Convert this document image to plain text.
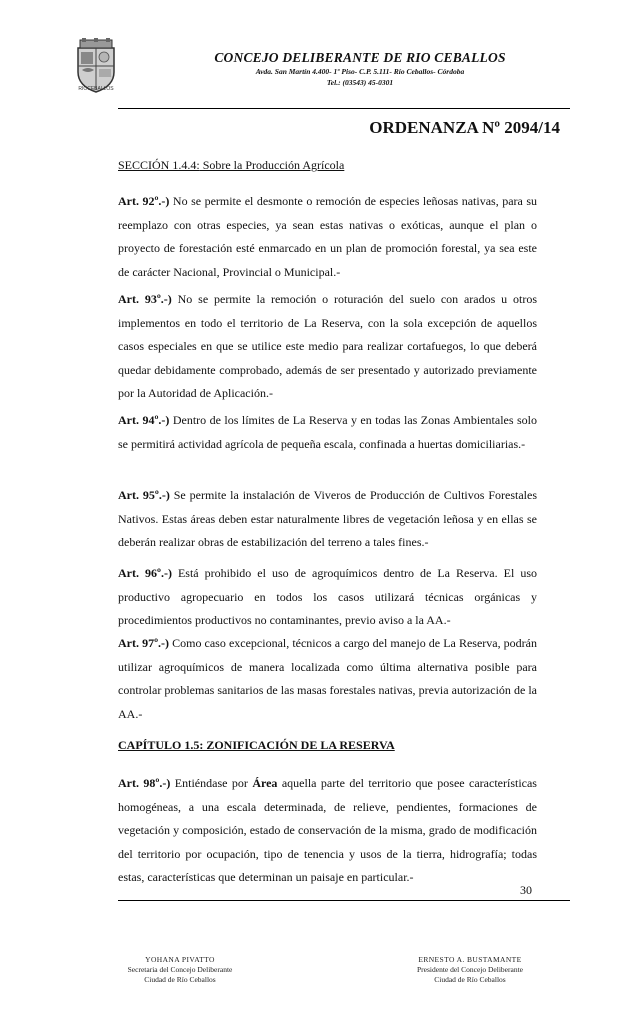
RIOCEBALLOS
CONCEJO DELIBERANTE DE RIO CEBALLOS
Avda. San Martín 4.400- 1º Piso- C.P. 5.111- Río Ceballos- Córdoba
Tel.: (03543) 45-0301
ORDENANZA Nº 2094/14
SECCIÓN 1.4.4: Sobre la Producción Agrícola

Art. 92º.-) No se permite el desmonte o remoción de especies leñosas nativas, para su reemplazo con otras especies, ya sean estas nativas o exóticas, aunque el plan o proyecto de forestación esté enmarcado en un plan de promoción forestal, ya sea este de carácter Nacional, Provincial o Municipal.-

Art. 93º.-) No se permite la remoción o roturación del suelo con arados u otros implementos en todo el territorio de La Reserva, con la sola excepción de aquellos casos especiales en que se utilice este medio para realizar cortafuegos, lo que deberá quedar debidamente comprobado, además de ser presentado y autorizado previamente por la Autoridad de Aplicación.-

Art. 94º.-) Dentro de los límites de La Reserva y en todas las Zonas Ambientales solo se permitirá actividad agrícola de pequeña escala, confinada a huertas domiciliarias.-

Art. 95º.-) Se permite la instalación de Viveros de Producción de Cultivos Forestales Nativos. Estas áreas deben estar naturalmente libres de vegetación leñosa y en ellas se deberán realizar obras de estabilización del terreno a tales fines.-

Art. 96º.-) Está prohibido el uso de agroquímicos dentro de La Reserva. El uso productivo agropecuario en todos los casos utilizará técnicas orgánicas y procedimientos productivos no contaminantes, previo aviso a la AA.-

Art. 97º.-) Como caso excepcional, técnicos a cargo del manejo de La Reserva, podrán utilizar agroquímicos de manera localizada como última alternativa posible para controlar problemas sanitarios de las masas forestales nativas, previa autorización de la AA.-

CAPÍTULO 1.5: ZONIFICACIÓN DE LA RESERVA

Art. 98º.-) Entiéndase por Área aquella parte del territorio que posee características homogéneas, a una escala determinada, de relieve, pendientes, formaciones de vegetación y composición, estado de conservación de la misma, grado de modificación del territorio por ocupación, tipo de tenencia y usos de la tierra, hidrografía; todas estas, características que determinan un paisaje en particular.-

30
YOHANA PIVATTO
Secretaria del Concejo Deliberante
Ciudad de Río Ceballos
ERNESTO A. BUSTAMANTE
Presidente del Concejo Deliberante
Ciudad de Río Ceballos
